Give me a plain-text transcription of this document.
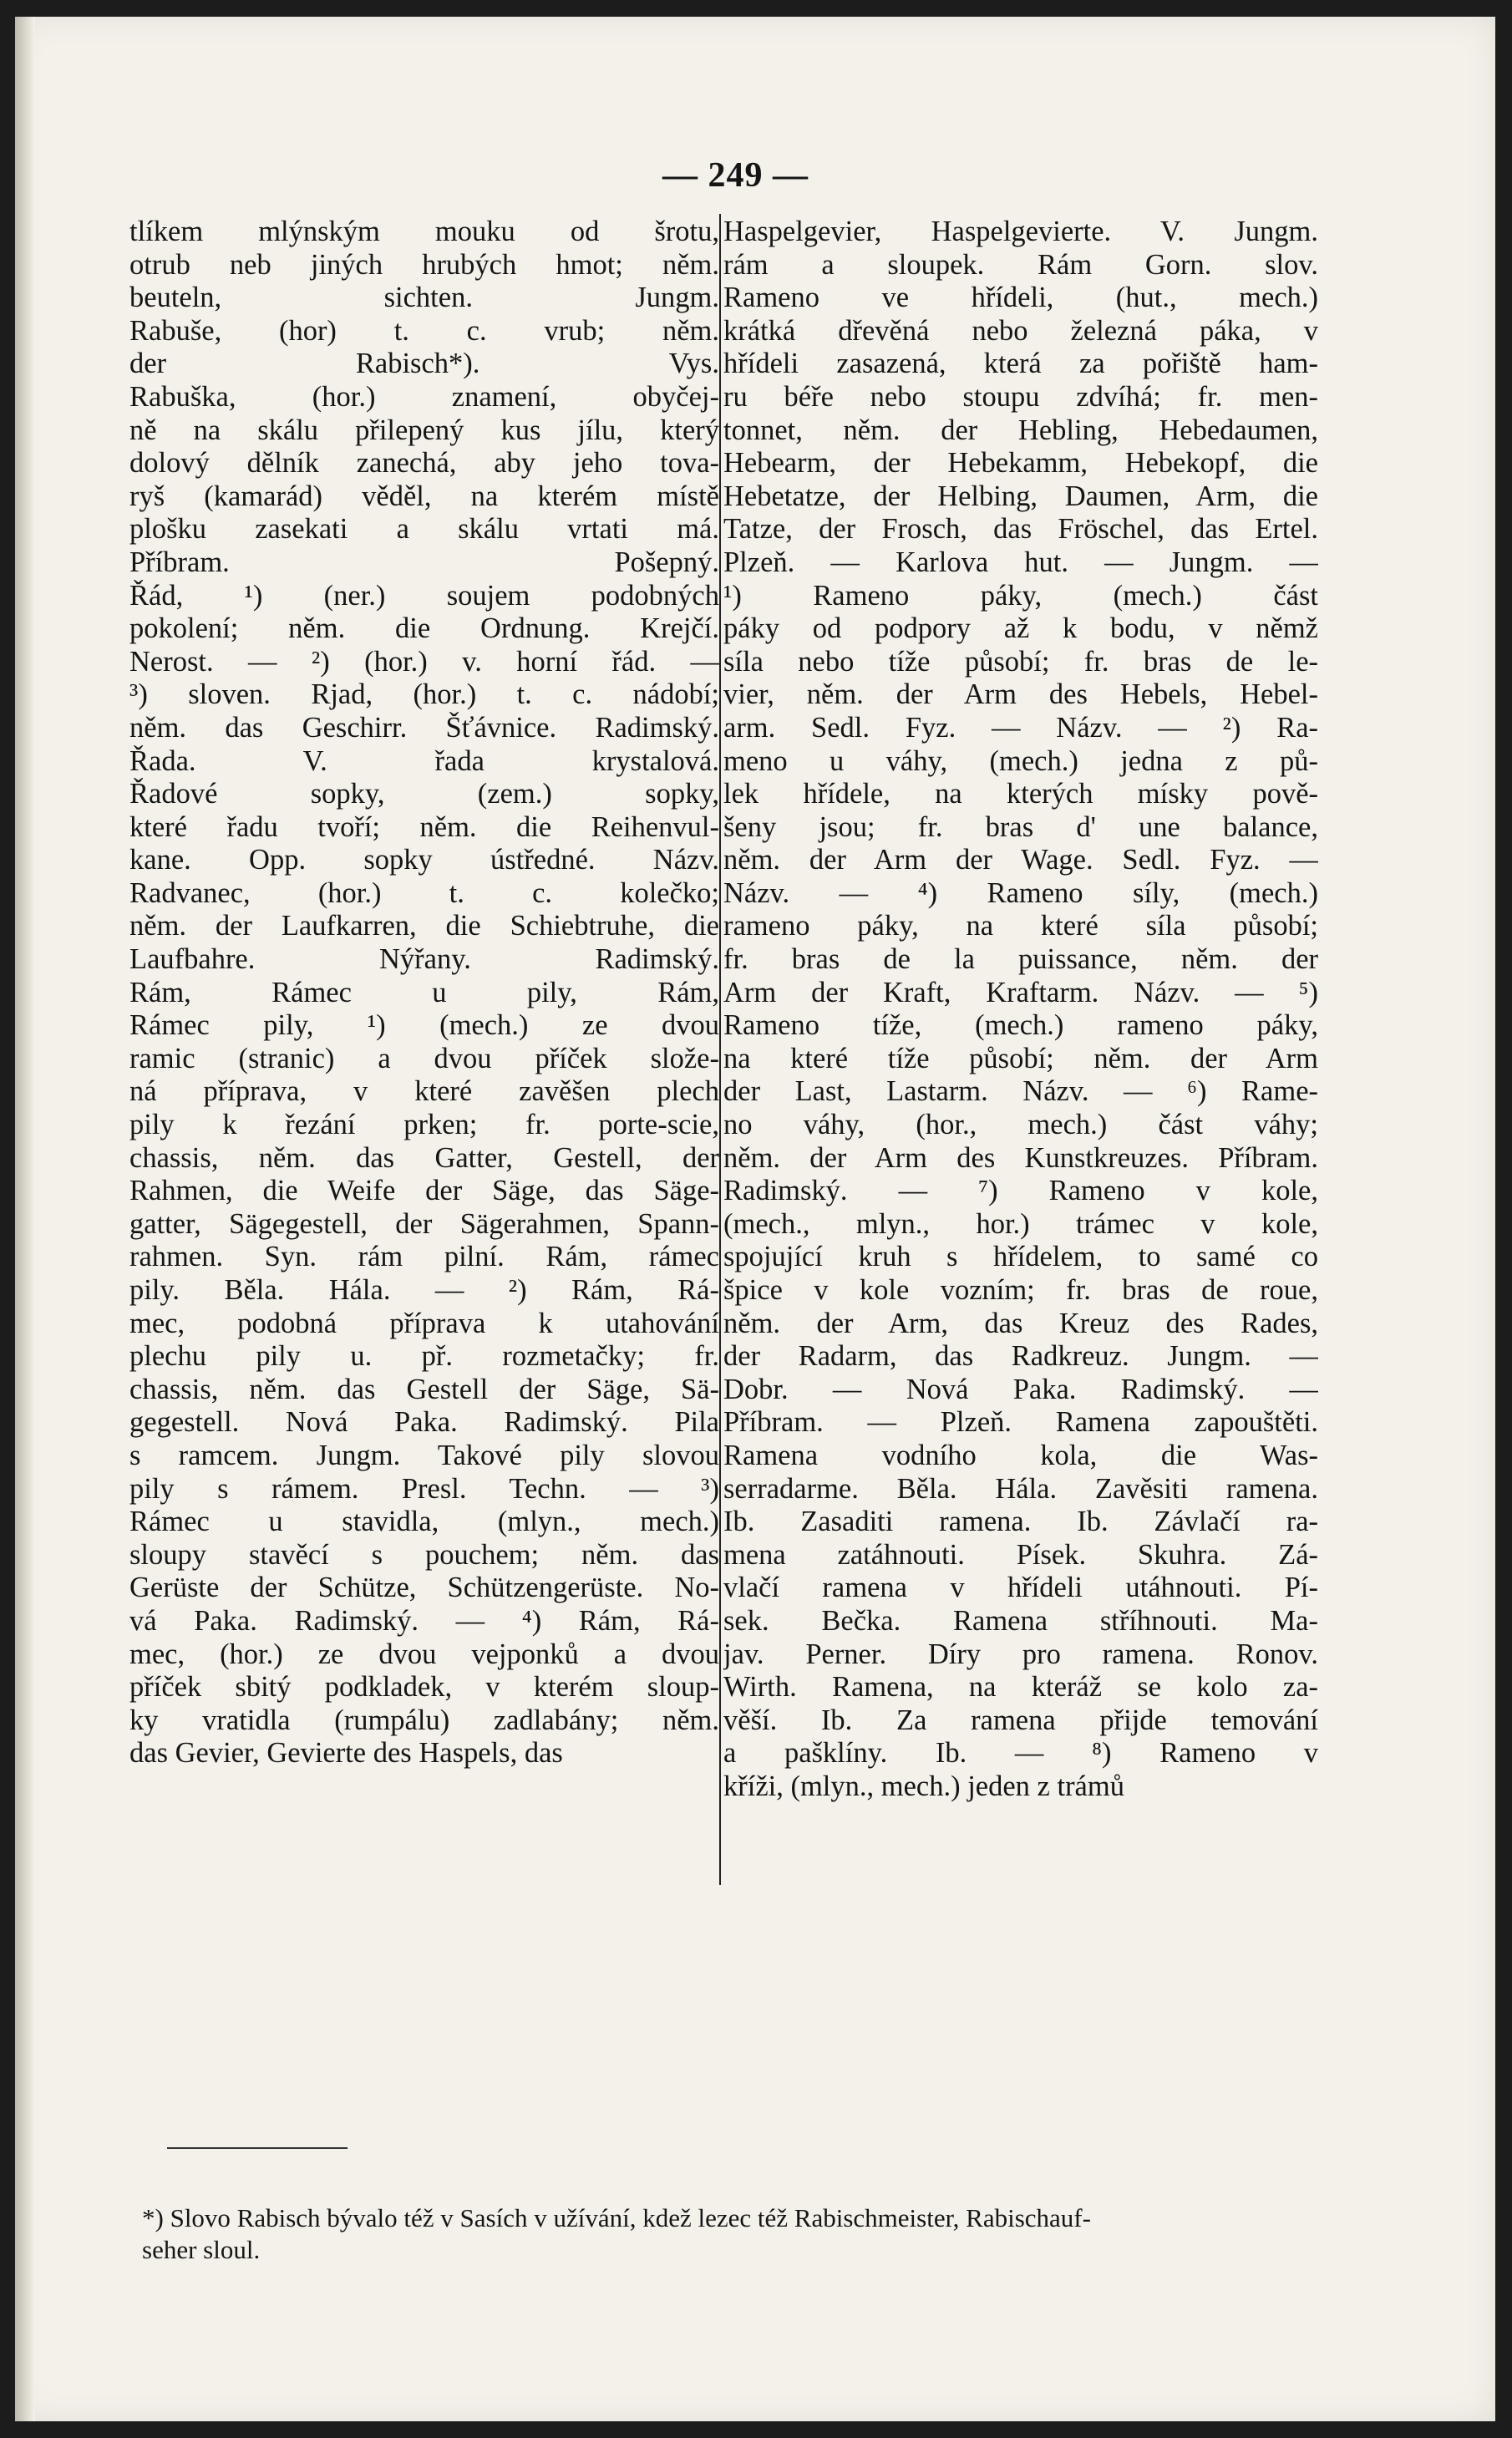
— 249 —
tlíkem mlýnským mouku od šrotu,
otrub neb jiných hrubých hmot; něm.
beuteln, sichten. Jungm.
Rabuše, (hor) t. c. vrub; něm.
der Rabisch*). Vys.
Rabuška, (hor.) znamení, obyčej-
ně na skálu přilepený kus jílu, který
dolový dělník zanechá, aby jeho tova-
ryš (kamarád) věděl, na kterém místě
plošku zasekati a skálu vrtati má.
Příbram. Pošepný.
Řád, ¹) (ner.) soujem podobných
pokolení; něm. die Ordnung. Krejčí.
Nerost. — ²) (hor.) v. horní řád. —
³) sloven. Rjad, (hor.) t. c. nádobí;
něm. das Geschirr. Šťávnice. Radimský.
Řada. V. řada krystalová.
Řadové sopky, (zem.) sopky,
které řadu tvoří; něm. die Reihenvul-
kane. Opp. sopky ústředné. Názv.
Radvanec, (hor.) t. c. kolečko;
něm. der Laufkarren, die Schiebtruhe, die
Laufbahre. Nýřany. Radimský.
Rám, Rámec u pily, Rám,
Rámec pily, ¹) (mech.) ze dvou
ramic (stranic) a dvou příček slože-
ná příprava, v které zavěšen plech
pily k řezání prken; fr. porte-scie,
chassis, něm. das Gatter, Gestell, der
Rahmen, die Weife der Säge, das Säge-
gatter, Sägegestell, der Sägerahmen, Spann-
rahmen. Syn. rám pilní. Rám, rámec
pily. Běla. Hála. — ²) Rám, Rá-
mec, podobná příprava k utahování
plechu pily u. př. rozmetačky; fr.
chassis, něm. das Gestell der Säge, Sä-
gegestell. Nová Paka. Radimský. Pila
s ramcem. Jungm. Takové pily slovou
pily s rámem. Presl. Techn. — ³)
Rámec u stavidla, (mlyn., mech.)
sloupy stavěcí s pouchem; něm. das
Gerüste der Schütze, Schützengerüste. No-
vá Paka. Radimský. — ⁴) Rám, Rá-
mec, (hor.) ze dvou vejponků a dvou
příček sbitý podkladek, v kterém sloup-
ky vratidla (rumpálu) zadlabány; něm.
das Gevier, Gevierte des Haspels, das
Haspelgevier, Haspelgevierte. V. Jungm.
rám a sloupek. Rám Gorn. slov.
Rameno ve hřídeli, (hut., mech.)
krátká dřevěná nebo železná páka, v
hřídeli zasazená, která za pořiště ham-
ru béře nebo stoupu zdvíhá; fr. men-
tonnet, něm. der Hebling, Hebedaumen,
Hebearm, der Hebekamm, Hebekopf, die
Hebetatze, der Helbing, Daumen, Arm, die
Tatze, der Frosch, das Fröschel, das Ertel.
Plzeň. — Karlova hut. — Jungm. —
¹) Rameno páky, (mech.) část
páky od podpory až k bodu, v němž
síla nebo tíže působí; fr. bras de le-
vier, něm. der Arm des Hebels, Hebel-
arm. Sedl. Fyz. — Názv. — ²) Ra-
meno u váhy, (mech.) jedna z pů-
lek hřídele, na kterých mísky pově-
šeny jsou; fr. bras d' une balance,
něm. der Arm der Wage. Sedl. Fyz. —
Názv. — ⁴) Rameno síly, (mech.)
rameno páky, na které síla působí;
fr. bras de la puissance, něm. der
Arm der Kraft, Kraftarm. Názv. — ⁵)
Rameno tíže, (mech.) rameno páky,
na které tíže působí; něm. der Arm
der Last, Lastarm. Názv. — ⁶) Rame-
no váhy, (hor., mech.) část váhy;
něm. der Arm des Kunstkreuzes. Příbram.
Radimský. — ⁷) Rameno v kole,
(mech., mlyn., hor.) trámec v kole,
spojující kruh s hřídelem, to samé co
špice v kole vozním; fr. bras de roue,
něm. der Arm, das Kreuz des Rades,
der Radarm, das Radkreuz. Jungm. —
Dobr. — Nová Paka. Radimský. —
Příbram. — Plzeň. Ramena zapouštěti.
Ramena vodního kola, die Was-
serradarme. Běla. Hála. Zavěsiti ramena.
Ib. Zasaditi ramena. Ib. Závlačí ra-
mena zatáhnouti. Písek. Skuhra. Zá-
vlačí ramena v hřídeli utáhnouti. Pí-
sek. Bečka. Ramena stříhnouti. Ma-
jav. Perner. Díry pro ramena. Ronov.
Wirth. Ramena, na kteráž se kolo za-
věší. Ib. Za ramena přijde temování
a pašklíny. Ib. — ⁸) Rameno v
kříži, (mlyn., mech.) jeden z trámů
*) Slovo Rabisch bývalo též v Sasích v užívání, kdež lezec též Rabischmeister, Rabischauf-
seher sloul.
